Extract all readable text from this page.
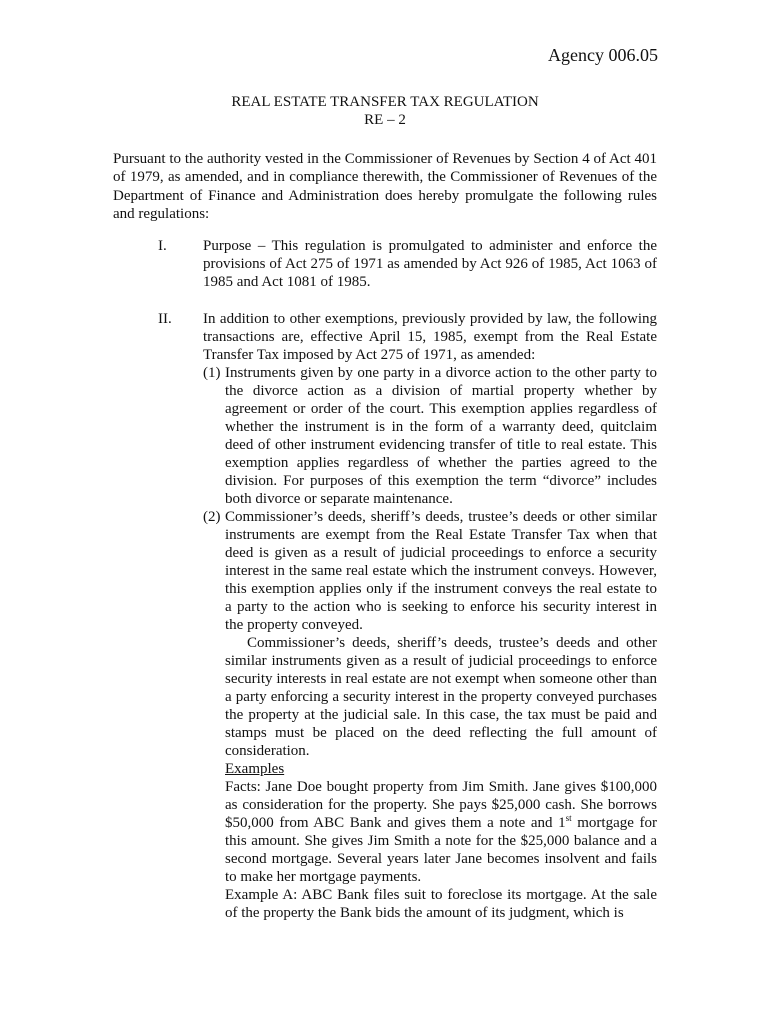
Agency 006.05
REAL ESTATE TRANSFER TAX REGULATION
RE – 2

Pursuant to the authority vested in the Commissioner of Revenues by Section 4 of Act 401 of 1979, as amended, and in compliance therewith, the Commissioner of Revenues of the Department of Finance and Administration does hereby promulgate the following rules and regulations:

I. Purpose – This regulation is promulgated to administer and enforce the provisions of Act 275 of 1971 as amended by Act 926 of 1985, Act 1063 of 1985 and Act 1081 of 1985.
II. In addition to other exemptions, previously provided by law, the following transactions are, effective April 15, 1985, exempt from the Real Estate Transfer Tax imposed by Act 275 of 1971, as amended:

(1) Instruments given by one party in a divorce action to the other party to the divorce action as a division of martial property whether by agreement or order of the court. This exemption applies regardless of whether the instrument is in the form of a warranty deed, quitclaim deed of other instrument evidencing transfer of title to real estate. This exemption applies regardless of whether the parties agreed to the division. For purposes of this exemption the term “divorce” includes both divorce or separate maintenance.
(2) Commissioner’s deeds, sheriff’s deeds, trustee’s deeds or other similar instruments are exempt from the Real Estate Transfer Tax when that deed is given as a result of judicial proceedings to enforce a security interest in the same real estate which the instrument conveys. However, this exemption applies only if the instrument conveys the real estate to a party to the action who is seeking to enforce his security interest in the property conveyed.

Commissioner’s deeds, sheriff’s deeds, trustee’s deeds and other similar instruments given as a result of judicial proceedings to enforce security interests in real estate are not exempt when someone other than a party enforcing a security interest in the property conveyed purchases the property at the judicial sale. In this case, the tax must be paid and stamps must be placed on the deed reflecting the full amount of consideration.

Examples

Facts: Jane Doe bought property from Jim Smith. Jane gives $100,000 as consideration for the property. She pays $25,000 cash. She borrows $50,000 from ABC Bank and gives them a note and 1st mortgage for this amount. She gives Jim Smith a note for the $25,000 balance and a second mortgage. Several years later Jane becomes insolvent and fails to make her mortgage payments.

Example A: ABC Bank files suit to foreclose its mortgage. At the sale of the property the Bank bids the amount of its judgment, which is
